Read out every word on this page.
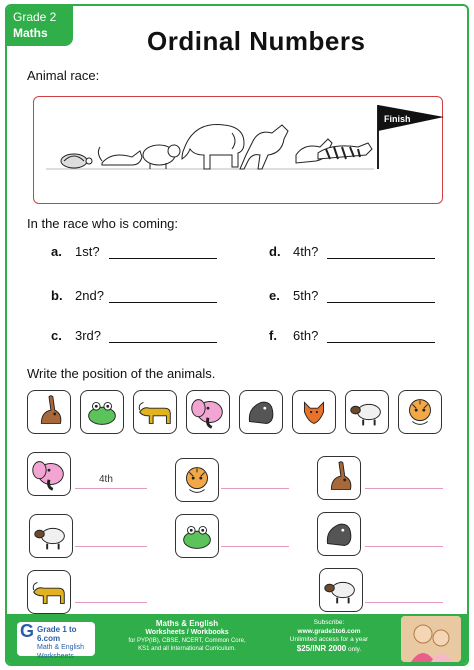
Grade 2
Maths	Ordinal Numbers
Animal race:
Finish
In the race who is coming:
a.	1st?
b. 2nd?
c.	3rd?
d. 4th?
e.	5th?
f.	6th?
Write the position of the animals.
4th
G Grade 1 to 6.com
Math & English Worksheets
Maths & English
Worksheets / Workbooks
for PYP(IB), CBSE, NCERT, Common Core,
KS1 and all International Curriculum.
Subscribe:
www.grade1to6.com
Unlimited access for a year
$25/INR 2000 only.
